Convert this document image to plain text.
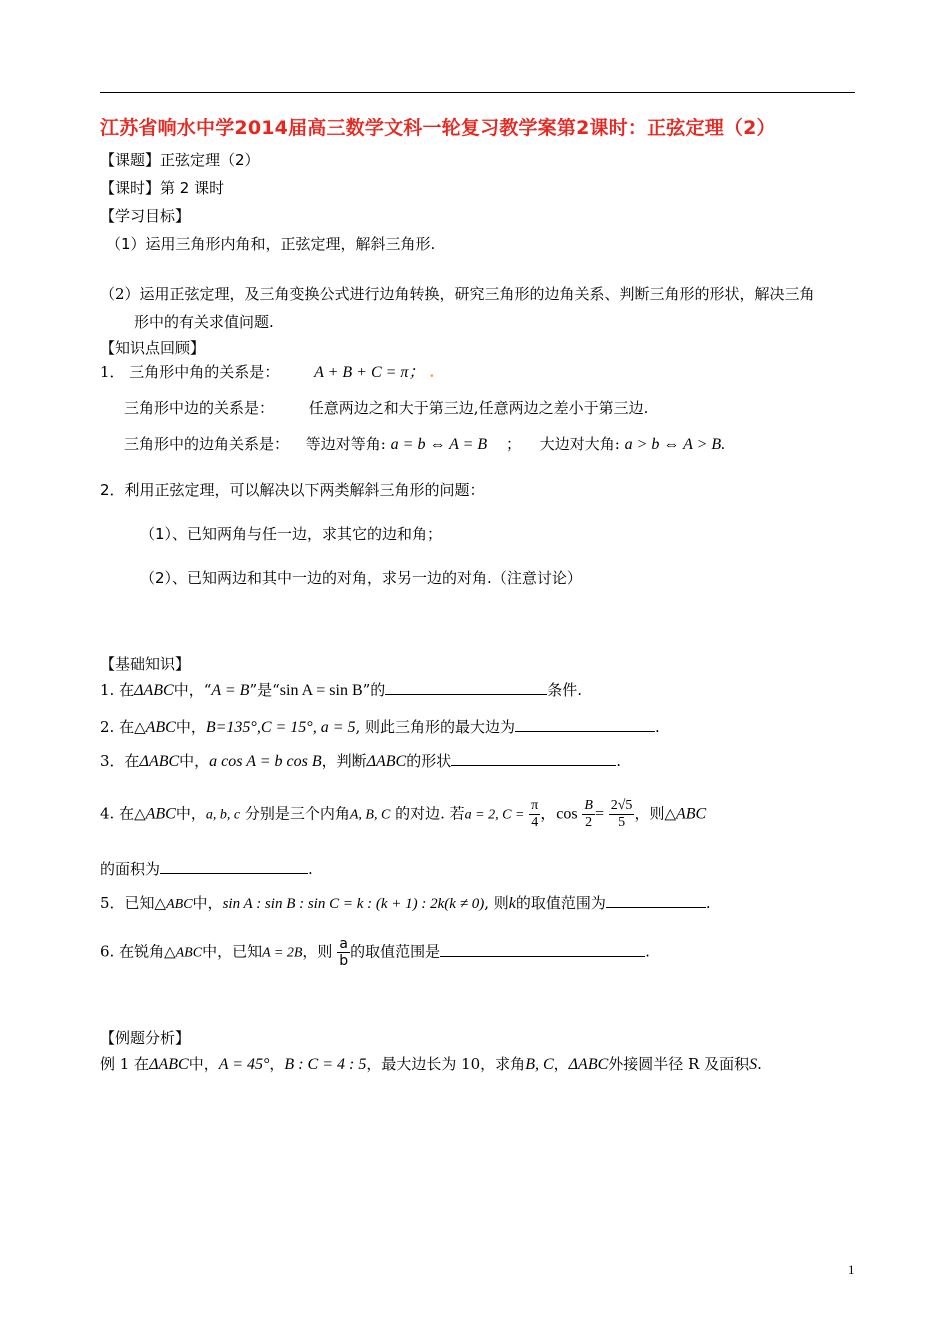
江苏省响水中学2014届高三数学文科一轮复习教学案第2课时：正弦定理（2）
【课题】正弦定理（2）
【课时】第 2 课时
【学习目标】
（1）运用三角形内角和，正弦定理，解斜三角形.
（2）运用正弦定理，及三角变换公式进行边角转换，研究三角形的边角关系、判断三角形的形状，解决三角
形中的有关求值问题.
【知识点回顾】
1． 三角形中角的关系是： A + B + C = π； .
三角形中边的关系是： 任意两边之和大于第三边,任意两边之差小于第三边.
三角形中的边角关系是： 等边对等角: a = b ⇔ A = B ； 大边对大角: a > b ⇔ A > B.
2．利用正弦定理，可以解决以下两类解斜三角形的问题：
（1）、已知两角与任一边，求其它的边和角；
（2）、已知两边和其中一边的对角，求另一边的对角.（注意讨论）
【基础知识】
1. 在ΔABC中，“A = B”是“sin A = sin B”的	条件.
2. 在△ABC中，B=135°,C = 15°, a = 5, 则此三角形的最大边为	.
3．在ΔABC中，a cos A = b cos B，判断ΔABC的形状	.
4. 在△ABC中，a, b, c 分别是三个内角A, B, C 的对边. 若a = 2, $C = \frac{\pi}{4}$ ，$\cos \frac{B}{2} = \frac{2√5}{5}$ ，则△ABC
的面积为	.
5．已知△ABC中，sin A : sin B : sin C = k : (k + 1) : 2k(k ≠ 0), 则k的取值范围为	.
6. 在锐角△ABC中，已知A = 2B，则 $\frac{a}{b}$ 的取值范围是	.
【例题分析】
例 1 在ΔABC中，A = 45°，B : C = 4 : 5，最大边长为 10，求角B, C，ΔABC外接圆半径 R 及面积S.
1
